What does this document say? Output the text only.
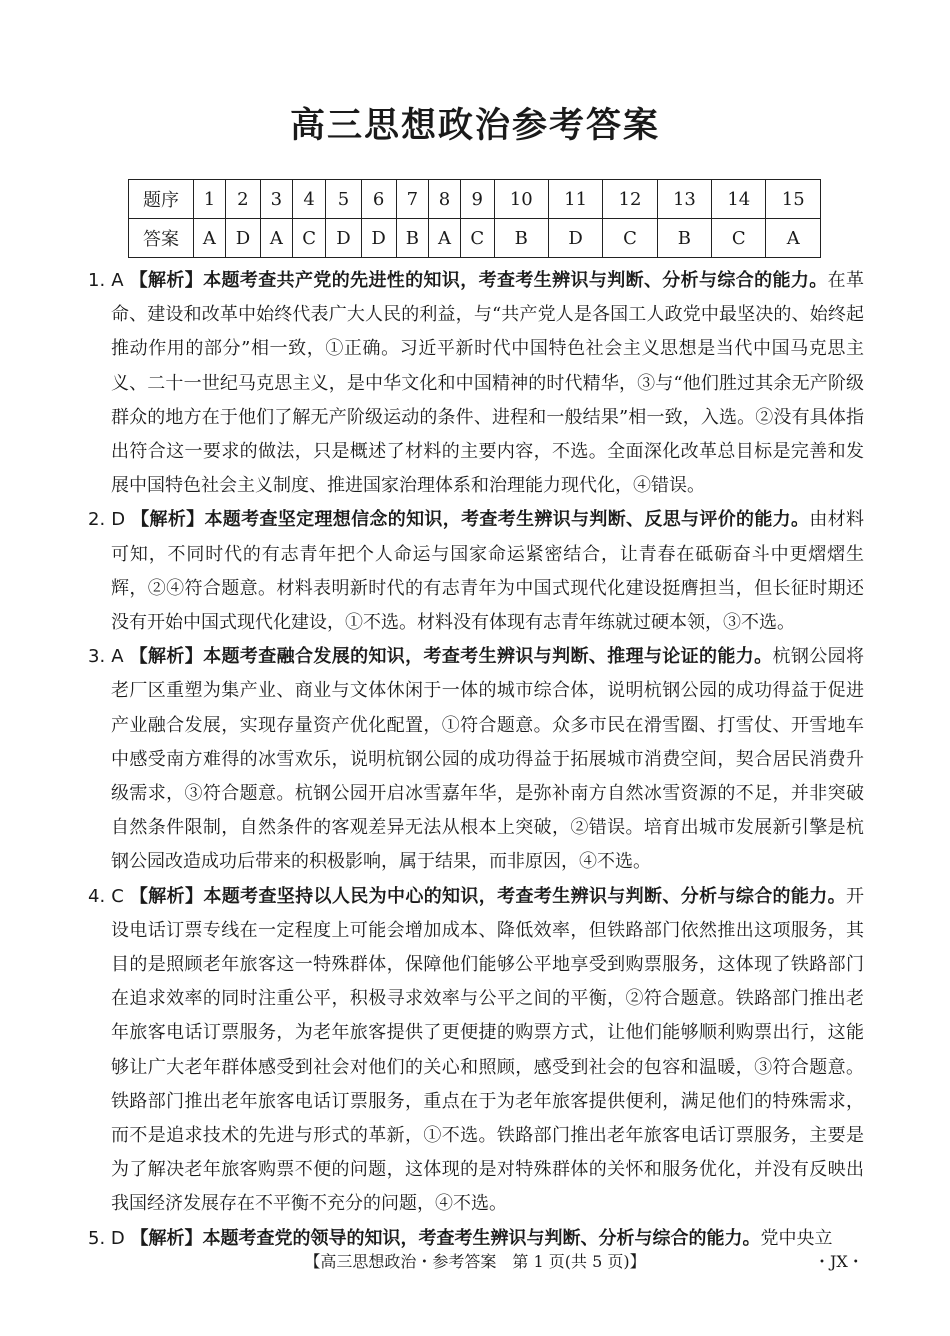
高三思想政治参考答案
题序	1	2	3	4	5	6	7	8	9	10	11	12	13	14	15
答案	A	D	A	C	D	D	B	A	C	B	D	C	B	C	A

1. A 【解析】本题考查共产党的先进性的知识，考查考生辨识与判断、分析与综合的能力。在革命、建设和改革中始终代表广大人民的利益，与“共产党人是各国工人政党中最坚决的、始终起推动作用的部分”相一致，①正确。习近平新时代中国特色社会主义思想是当代中国马克思主义、二十一世纪马克思主义，是中华文化和中国精神的时代精华，③与“他们胜过其余无产阶级群众的地方在于他们了解无产阶级运动的条件、进程和一般结果”相一致，入选。②没有具体指出符合这一要求的做法，只是概述了材料的主要内容，不选。全面深化改革总目标是完善和发展中国特色社会主义制度、推进国家治理体系和治理能力现代化，④错误。

2. D 【解析】本题考查坚定理想信念的知识，考查考生辨识与判断、反思与评价的能力。由材料可知，不同时代的有志青年把个人命运与国家命运紧密结合，让青春在砥砺奋斗中更熠熠生辉，②④符合题意。材料表明新时代的有志青年为中国式现代化建设挺膺担当，但长征时期还没有开始中国式现代化建设，①不选。材料没有体现有志青年练就过硬本领，③不选。

3. A 【解析】本题考查融合发展的知识，考查考生辨识与判断、推理与论证的能力。杭钢公园将老厂区重塑为集产业、商业与文体休闲于一体的城市综合体，说明杭钢公园的成功得益于促进产业融合发展，实现存量资产优化配置，①符合题意。众多市民在滑雪圈、打雪仗、开雪地车中感受南方难得的冰雪欢乐，说明杭钢公园的成功得益于拓展城市消费空间，契合居民消费升级需求，③符合题意。杭钢公园开启冰雪嘉年华，是弥补南方自然冰雪资源的不足，并非突破自然条件限制，自然条件的客观差异无法从根本上突破，②错误。培育出城市发展新引擎是杭钢公园改造成功后带来的积极影响，属于结果，而非原因，④不选。

4. C 【解析】本题考查坚持以人民为中心的知识，考查考生辨识与判断、分析与综合的能力。开设电话订票专线在一定程度上可能会增加成本、降低效率，但铁路部门依然推出这项服务，其目的是照顾老年旅客这一特殊群体，保障他们能够公平地享受到购票服务，这体现了铁路部门在追求效率的同时注重公平，积极寻求效率与公平之间的平衡，②符合题意。铁路部门推出老年旅客电话订票服务，为老年旅客提供了更便捷的购票方式，让他们能够顺利购票出行，这能够让广大老年群体感受到社会对他们的关心和照顾，感受到社会的包容和温暖，③符合题意。铁路部门推出老年旅客电话订票服务，重点在于为老年旅客提供便利，满足他们的特殊需求，而不是追求技术的先进与形式的革新，①不选。铁路部门推出老年旅客电话订票服务，主要是为了解决老年旅客购票不便的问题，这体现的是对特殊群体的关怀和服务优化，并没有反映出我国经济发展存在不平衡不充分的问题，④不选。

5. D 【解析】本题考查党的领导的知识，考查考生辨识与判断、分析与综合的能力。党中央立

【高三思想政治・参考答案　第 1 页(共 5 页)】	・JX・
